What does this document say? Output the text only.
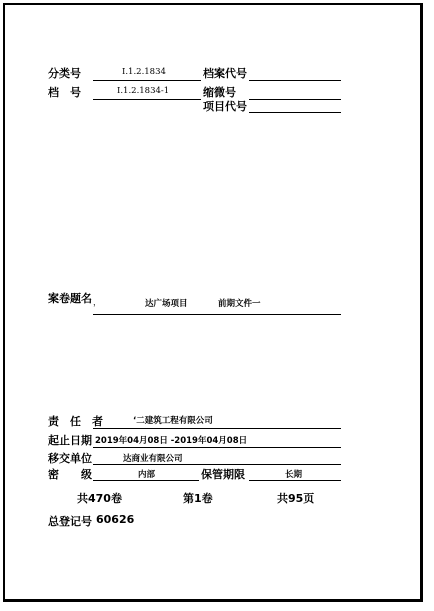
分类号	I.1.2.1834	档案代号
档　号	I.1.2.1834-1	缩微号
项目代号
案卷题名 ，	达广场项目	前期文件一
责　任　者	‘二建筑工程有限公司
起止日期 2019年04月08日 -2019年04月08日
移交单位	达商业有限公司
密　　级	内部	保管期限	长期
共470卷	第1卷	共95页
总登记号 60626
